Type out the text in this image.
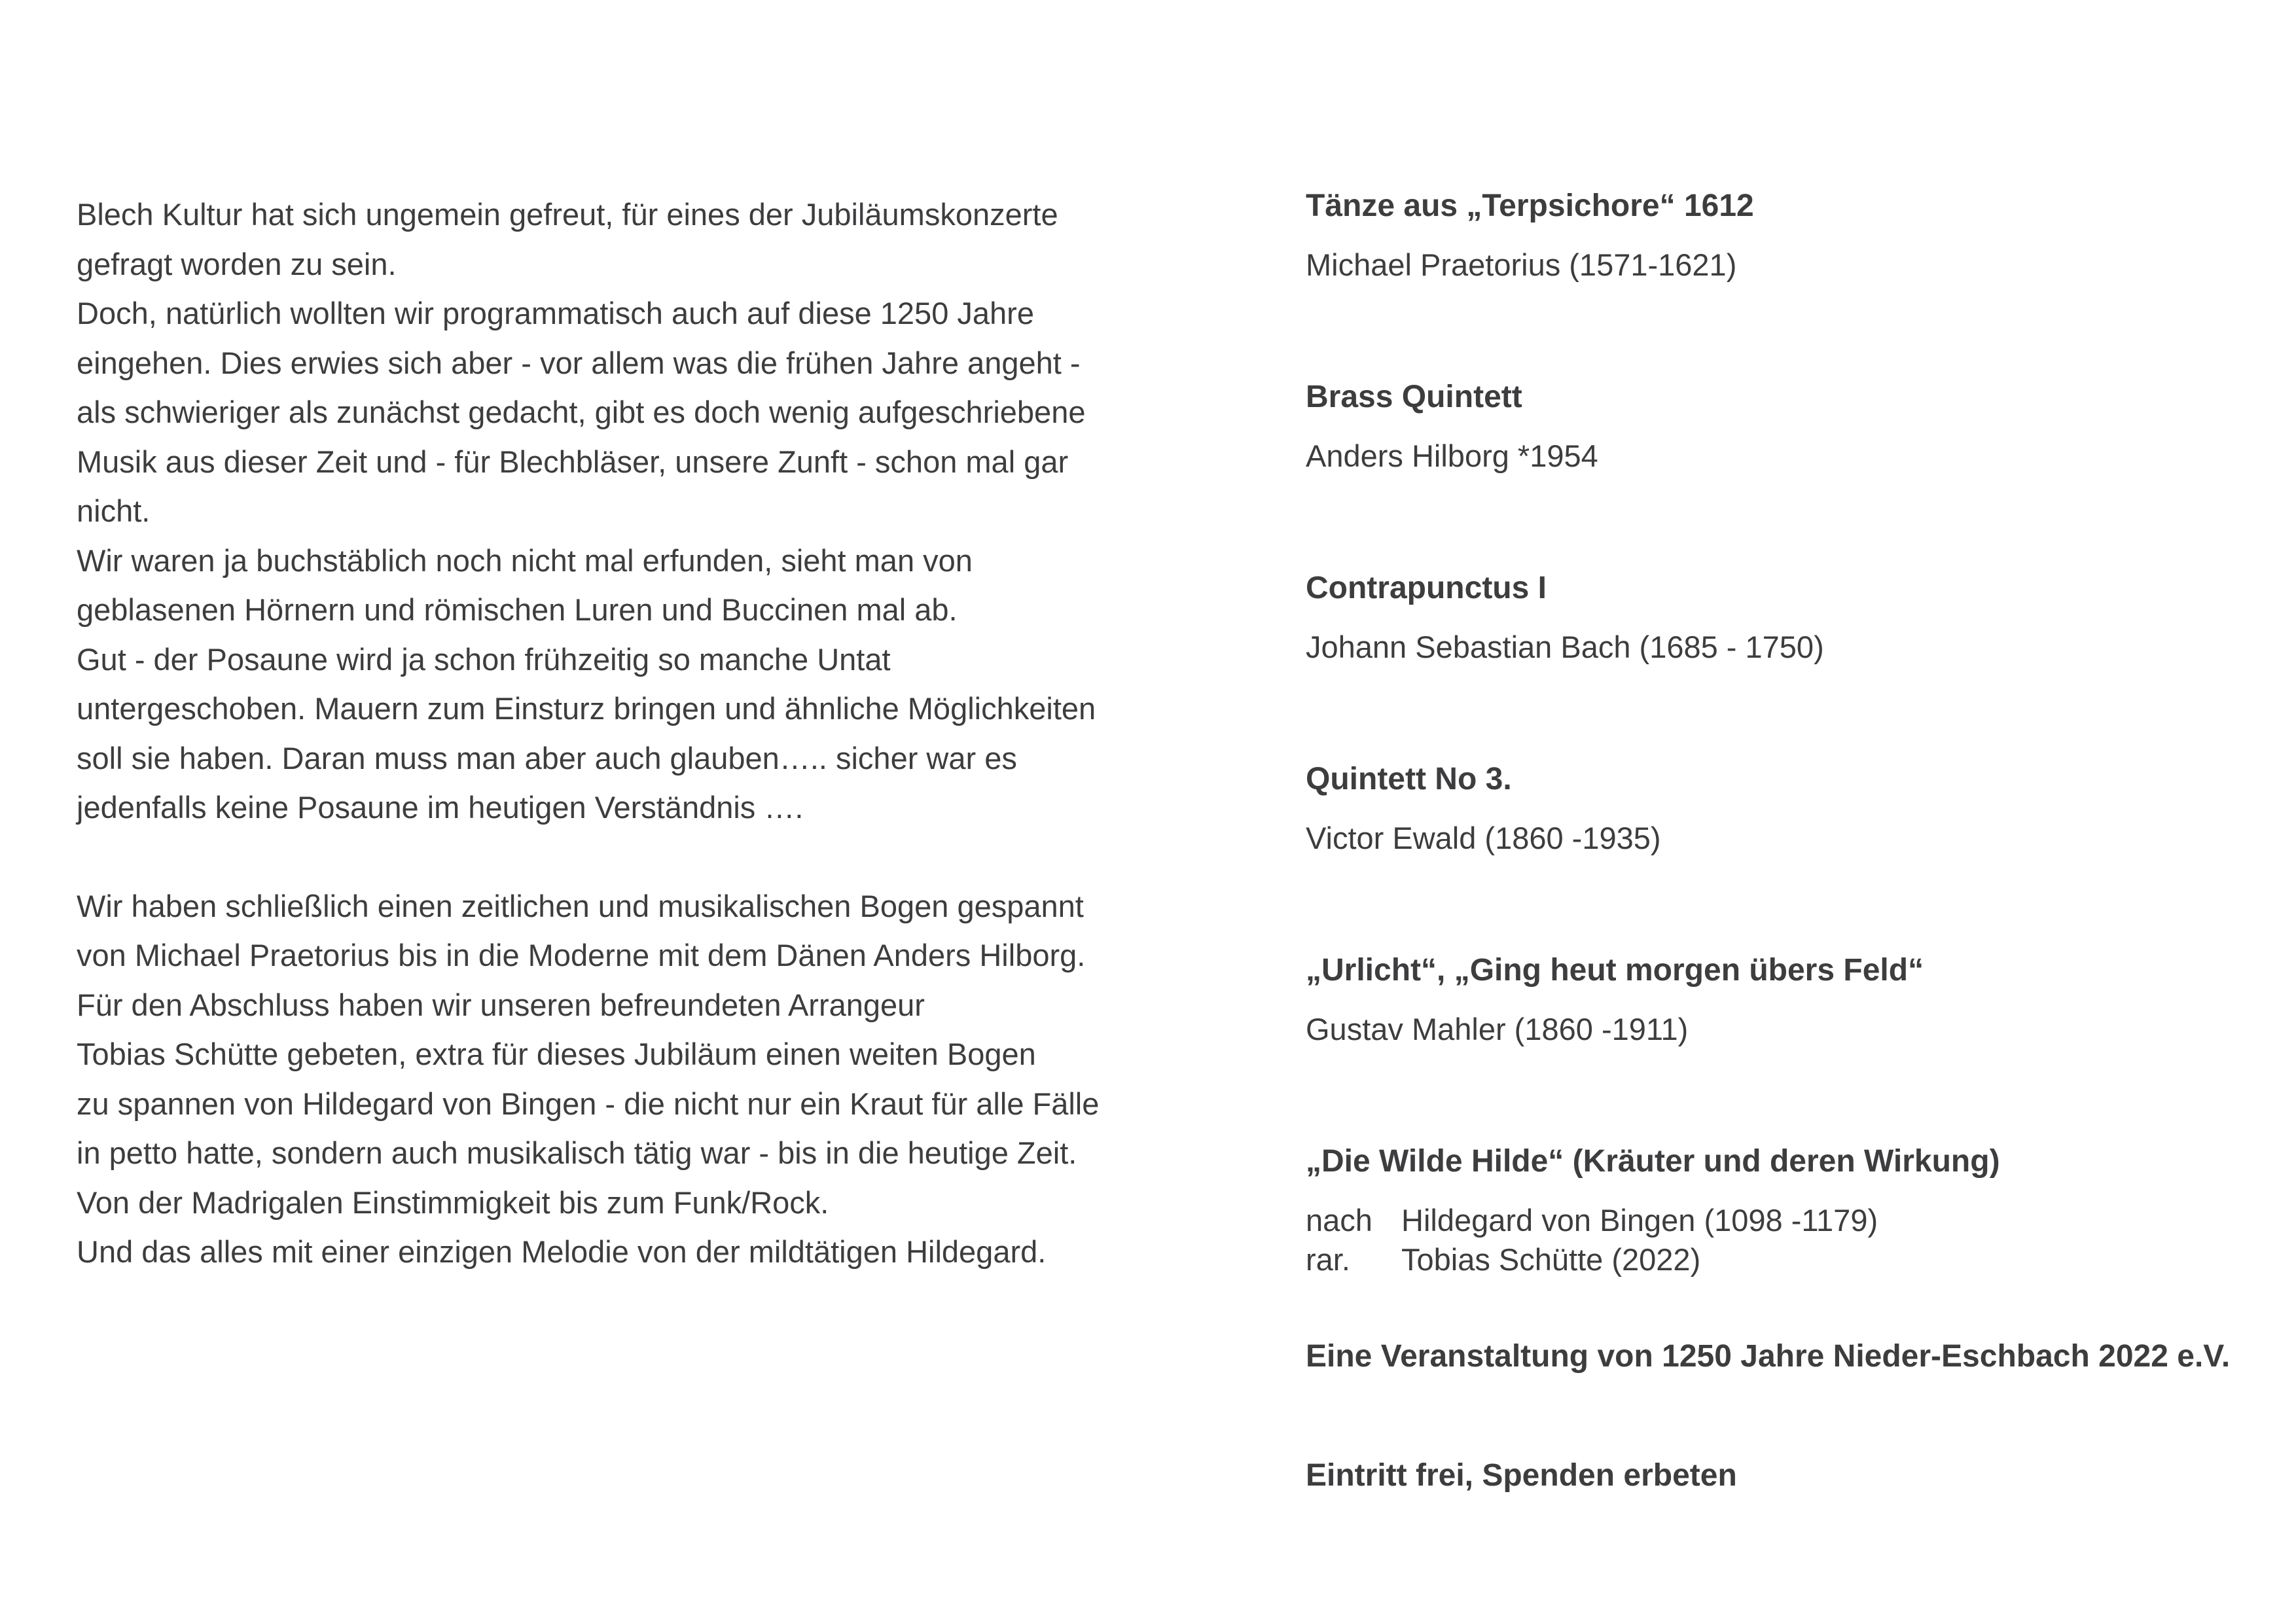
Blech Kultur hat sich ungemein gefreut, für eines der Jubiläumskonzerte
gefragt worden zu sein.
Doch, natürlich wollten wir programmatisch auch auf diese 1250 Jahre
eingehen. Dies erwies sich aber - vor allem was die frühen Jahre angeht -
als schwieriger als zunächst gedacht, gibt es doch wenig aufgeschriebene
Musik aus dieser Zeit und - für Blechbläser, unsere Zunft - schon mal gar
nicht.
Wir waren ja buchstäblich noch nicht mal erfunden, sieht man von
geblasenen Hörnern und römischen Luren und Buccinen mal ab.
Gut - der Posaune wird ja schon frühzeitig so manche Untat
untergeschoben. Mauern zum Einsturz bringen und ähnliche Möglichkeiten
soll sie haben. Daran muss man aber auch glauben….. sicher war es
jedenfalls keine Posaune im heutigen Verständnis ….

Wir haben schließlich einen zeitlichen und musikalischen Bogen gespannt
von Michael Praetorius bis in die Moderne mit dem Dänen Anders Hilborg.
Für den Abschluss haben wir unseren befreundeten Arrangeur
Tobias Schütte gebeten, extra für dieses Jubiläum einen weiten Bogen
zu spannen von Hildegard von Bingen - die nicht nur ein Kraut für alle Fälle
in petto hatte, sondern auch musikalisch tätig war - bis in die heutige Zeit.
Von der Madrigalen Einstimmigkeit bis zum Funk/Rock.
Und das alles mit einer einzigen Melodie von der mildtätigen Hildegard.

Tänze aus „Terpsichore“ 1612
Michael Praetorius (1571-1621)
Brass Quintett
Anders Hilborg *1954
Contrapunctus I
Johann Sebastian Bach (1685 - 1750)
Quintett No 3.
Victor Ewald (1860 -1935)
„Urlicht“, „Ging heut morgen übers Feld“
Gustav Mahler (1860 -1911)
„Die Wilde Hilde“ (Kräuter und deren Wirkung)
nach Hildegard von Bingen (1098 -1179)
rar.	Tobias Schütte (2022)
Eine Veranstaltung von 1250 Jahre Nieder-Eschbach 2022 e.V.
Eintritt frei, Spenden erbeten
